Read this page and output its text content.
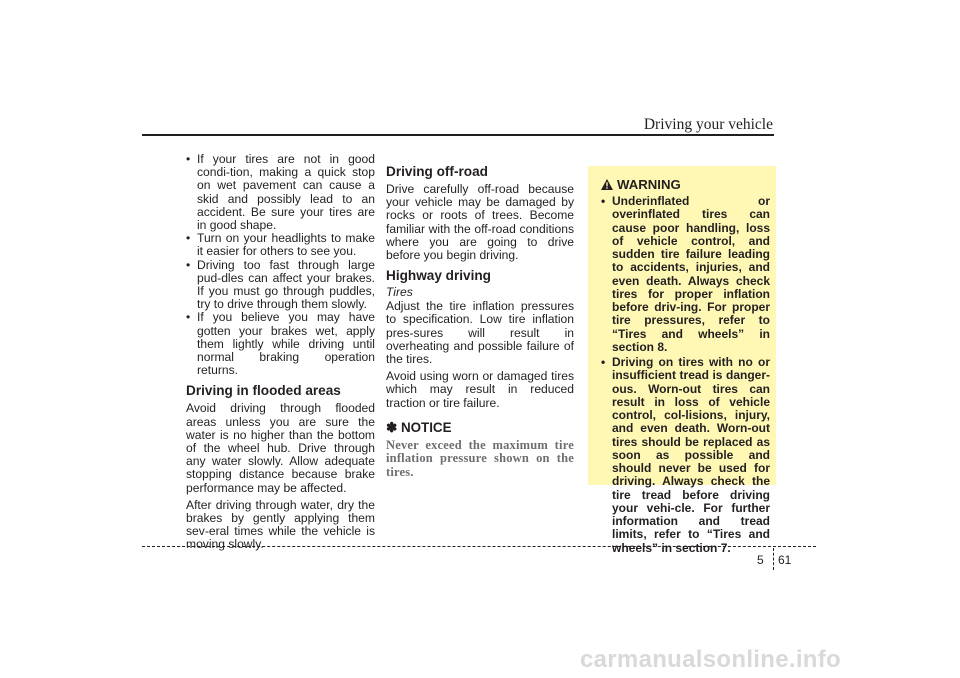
Driving your vehicle
• If your tires are not in good condi-tion, making a quick stop on wet pavement can cause a skid and possibly lead to an accident. Be sure your tires are in good shape.
• Turn on your headlights to make it easier for others to see you.
• Driving too fast through large pud-dles can affect your brakes. If you must go through puddles, try to drive through them slowly.
• If you believe you may have gotten your brakes wet, apply them lightly while driving until normal braking operation returns.
Driving in flooded areas

Avoid driving through flooded areas unless you are sure the water is no higher than the bottom of the wheel hub. Drive through any water slowly. Allow adequate stopping distance because brake performance may be affected.

After driving through water, dry the brakes by gently applying them sev-eral times while the vehicle is moving slowly.

Driving off-road

Drive carefully off-road because your vehicle may be damaged by rocks or roots of trees. Become familiar with the off-road conditions where you are going to drive before you begin driving.

Highway driving
Tires

Adjust the tire inflation pressures to specification. Low tire inflation pres-sures will result in overheating and possible failure of the tires.

Avoid using worn or damaged tires which may result in reduced traction or tire failure.

✽ NOTICE
Never exceed the maximum tire inflation pressure shown on the tires.
WARNING
• Underinflated or overinflated tires can cause poor handling, loss of vehicle control, and sudden tire failure leading to accidents, injuries, and even death. Always check tires for proper inflation before driv-ing. For proper tire pressures, refer to “Tires and wheels” in section 8.
• Driving on tires with no or insufficient tread is danger-ous. Worn-out tires can result in loss of vehicle control, col-lisions, injury, and even death. Worn-out tires should be replaced as soon as possible and should never be used for driving. Always check the tire tread before driving your vehi-cle. For further information and tread limits, refer to “Tires and wheels” in section 7.
5 61
carmanualsonline.info
